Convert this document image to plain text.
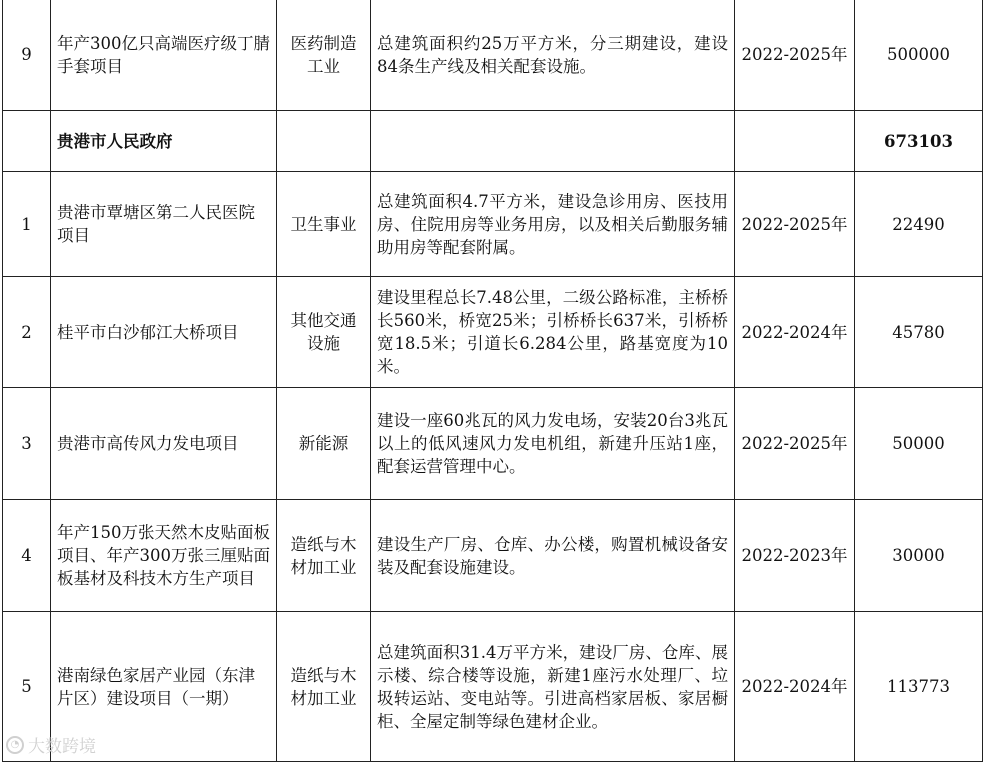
9	年产300亿只高端医疗级丁腈手套项目	医药制造工业	总建筑面积约25万平方米，分三期建设，建设84条生产线及相关配套设施。	2022-2025年	500000
	贵港市人民政府				673103
1	贵港市覃塘区第二人民医院项目	卫生事业	总建筑面积4.7平方米，建设急诊用房、医技用房、住院用房等业务用房，以及相关后勤服务辅助用房等配套附属。	2022-2025年	22490
2	桂平市白沙郁江大桥项目	其他交通设施	建设里程总长7.48公里，二级公路标准，主桥桥长560米，桥宽25米；引桥桥长637米，引桥桥宽18.5米；引道长6.284公里，路基宽度为10米。	2022-2024年	45780
3	贵港市高传风力发电项目	新能源	建设一座60兆瓦的风力发电场，安装20台3兆瓦以上的低风速风力发电机组，新建升压站1座，配套运营管理中心。	2022-2025年	50000
4	年产150万张天然木皮贴面板项目、年产300万张三厘贴面板基材及科技木方生产项目	造纸与木材加工业	建设生产厂房、仓库、办公楼，购置机械设备安装及配套设施建设。	2022-2023年	30000
5	港南绿色家居产业园（东津片区）建设项目（一期）	造纸与木材加工业	总建筑面积31.4万平方米，建设厂房、仓库、展示楼、综合楼等设施，新建1座污水处理厂、垃圾转运站、变电站等。引进高档家居板、家居橱柜、全屋定制等绿色建材企业。	2022-2024年	113773
◔ 大数跨境
